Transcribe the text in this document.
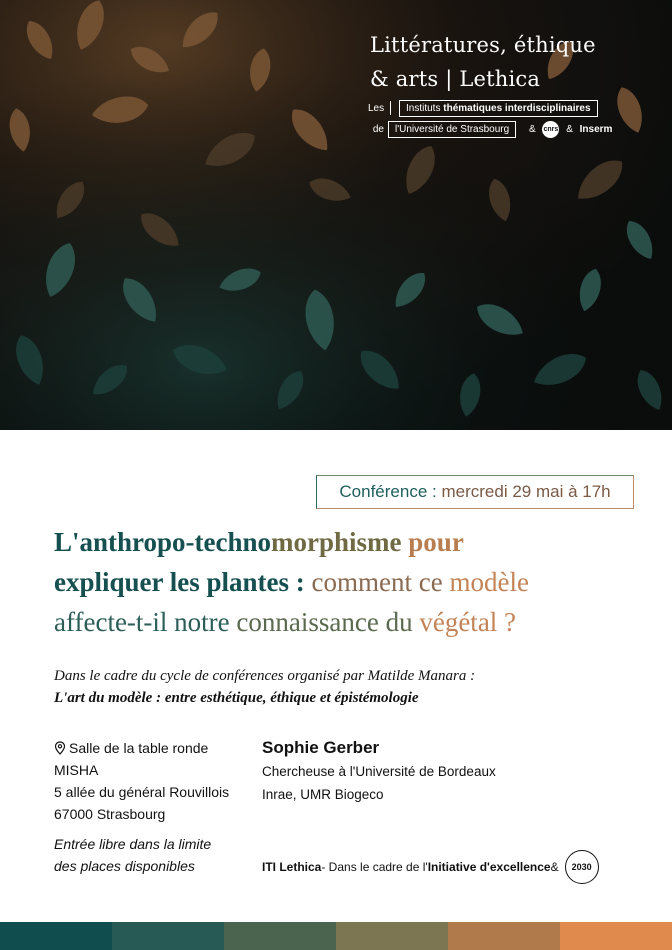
Littératures, éthique
& arts | Lethica
Les Instituts thématiques interdisciplinaires
de l'Université de Strasbourg & cnrs & Inserm
Conférence :
mercredi 29 mai à 17h
L'anthropo-technomorphisme pour
expliquer les plantes : comment ce modèle
affecte-t-il notre connaissance du végétal ?
Dans le cadre du cycle de conférences organisé par Matilde Manara :
L'art du modèle : entre esthétique, éthique et épistémologie
Salle de la table ronde
MISHA
5 allée du général Rouvillois
67000 Strasbourg
Entrée libre dans la limite
des places disponibles
Sophie Gerber
Chercheuse à l'Université de Bordeaux
Inrae, UMR Biogeco
ITI Lethica - Dans le cadre de l' Initiative d'excellence &	2030
